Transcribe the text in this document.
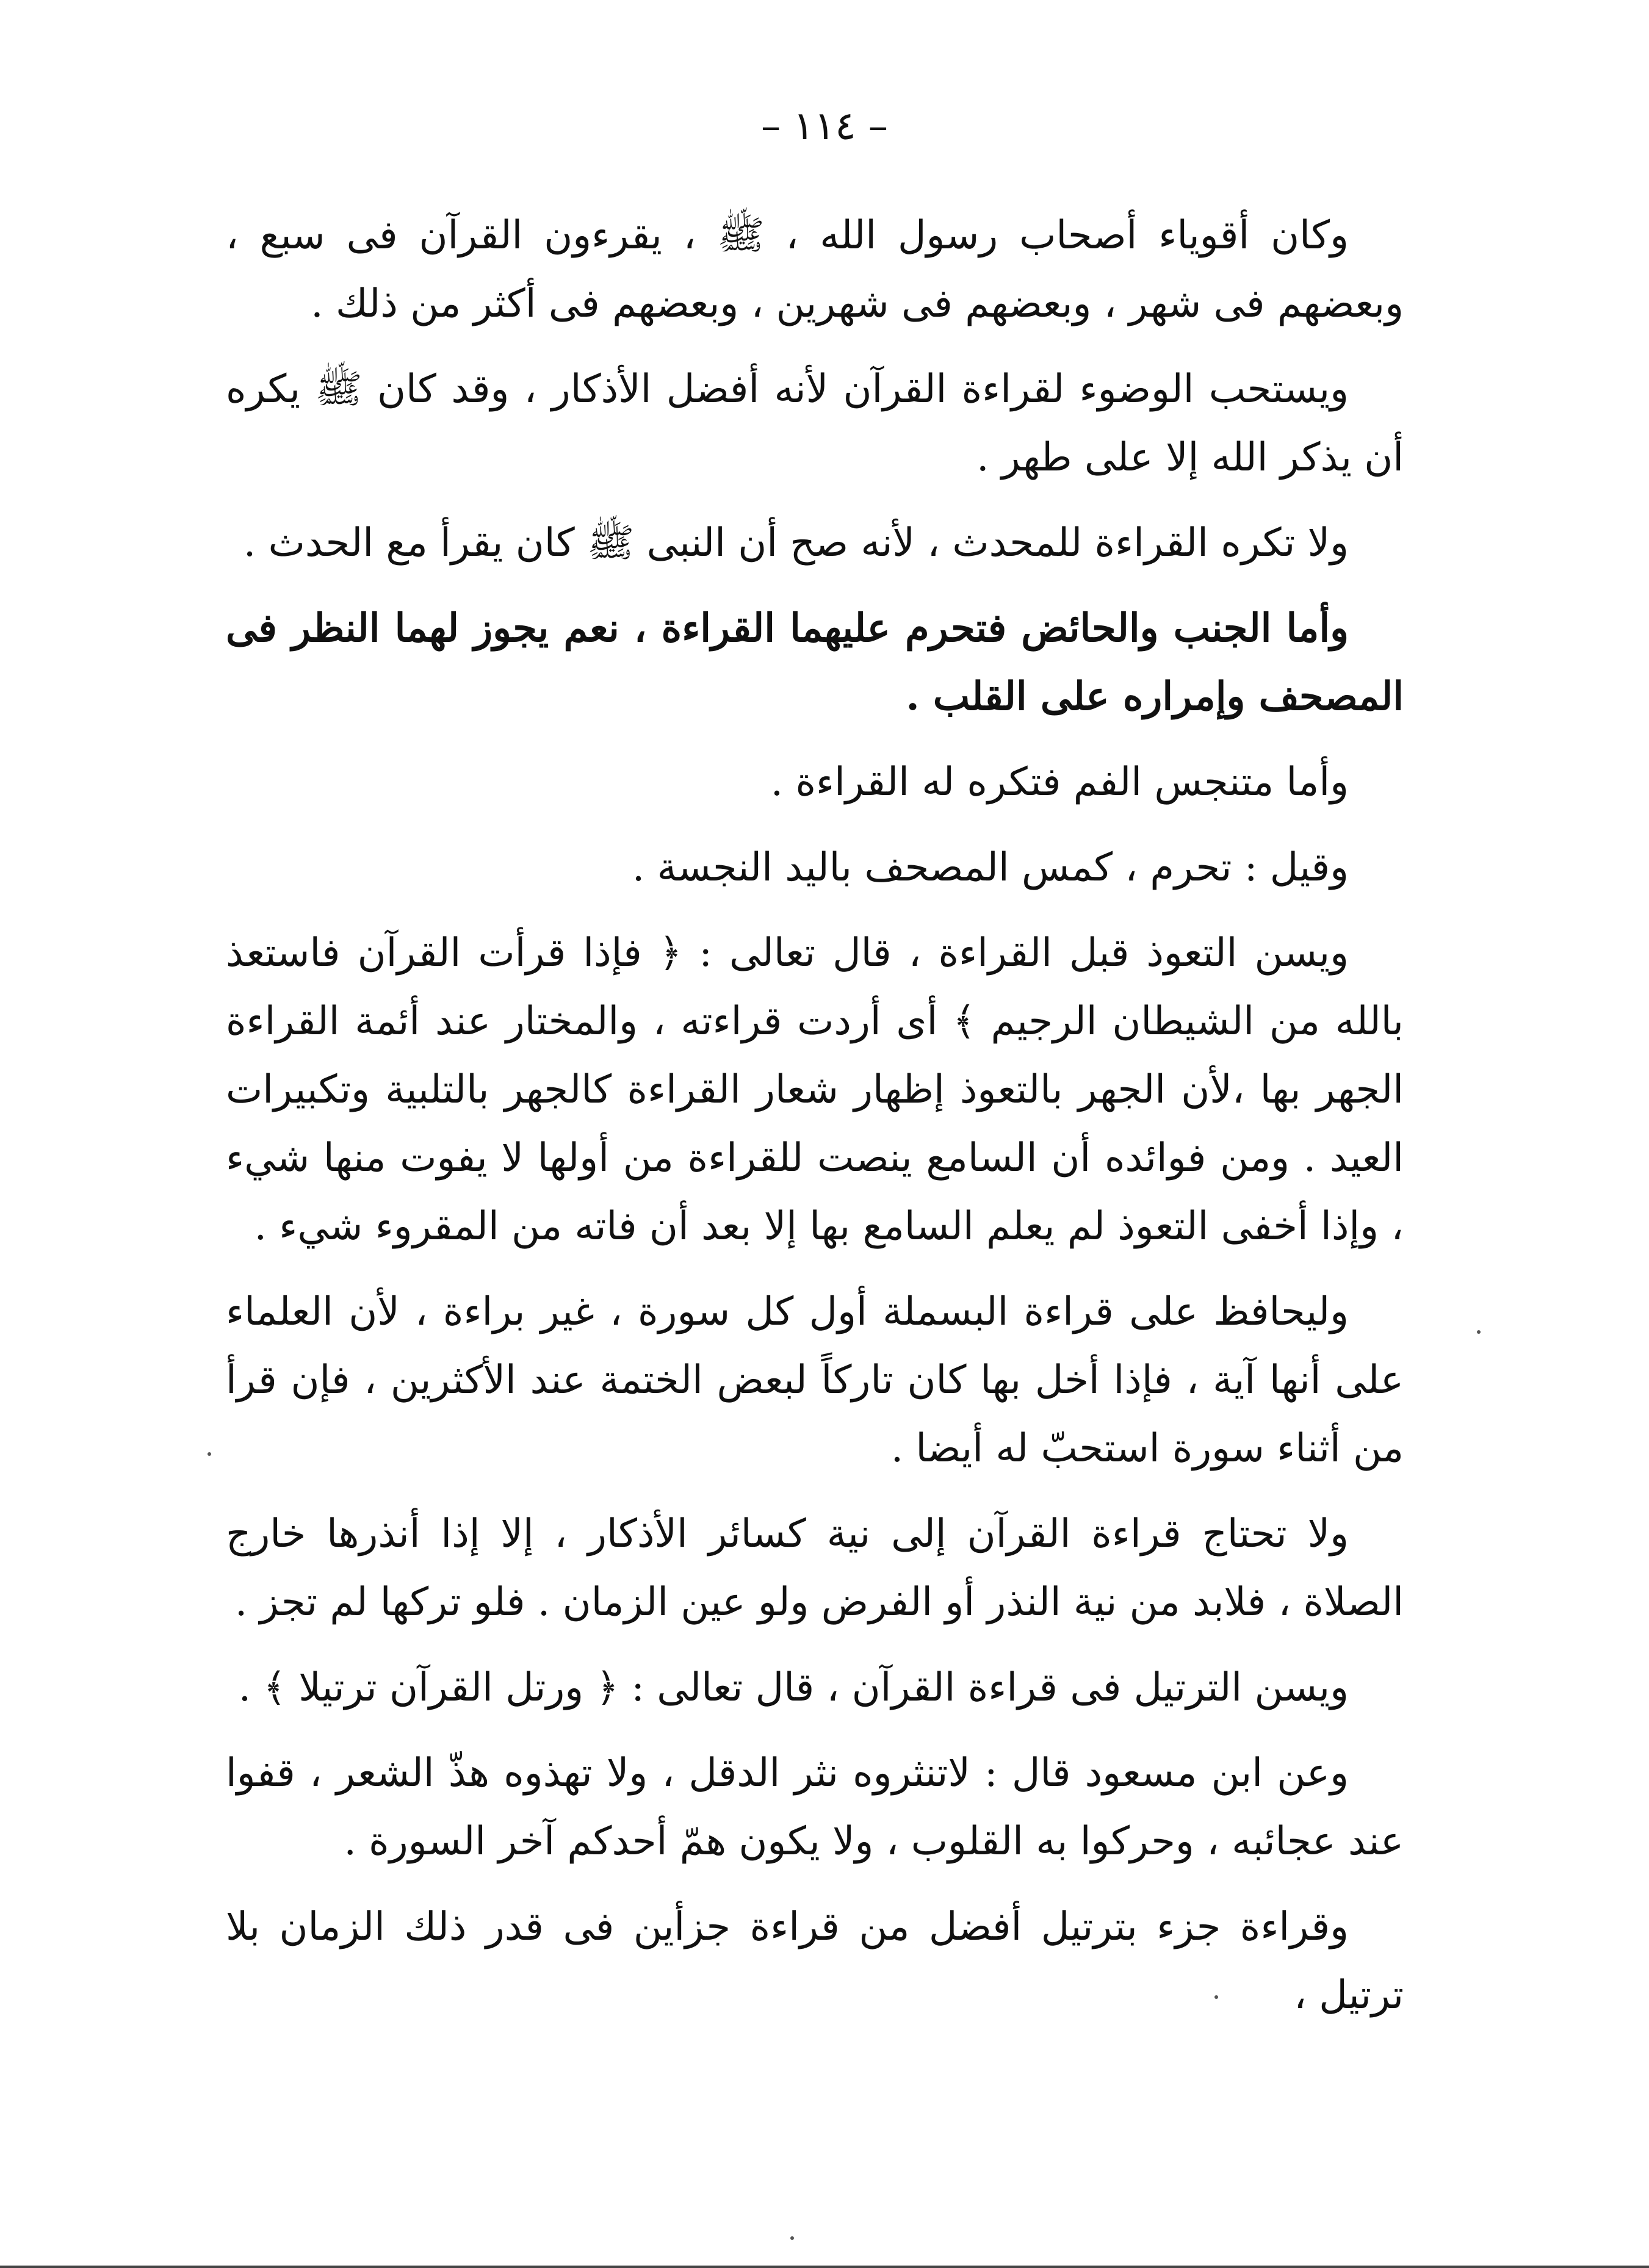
– ١١٤ –

وكان أقوياء أصحاب رسول الله ، ﷺ ، يقرءون القرآن فى سبع ، وبعضهم فى شهر ، وبعضهم فى شهرين ، وبعضهم فى أكثر من ذلك .

ويستحب الوضوء لقراءة القرآن لأنه أفضل الأذكار ، وقد كان ﷺ يكره أن يذكر الله إلا على طهر .

ولا تكره القراءة للمحدث ، لأنه صح أن النبى ﷺ كان يقرأ مع الحدث .

وأما الجنب والحائض فتحرم عليهما القراءة ، نعم يجوز لهما النظر فى المصحف وإمراره على القلب .

وأما متنجس الفم فتكره له القراءة .

وقيل : تحرم ، كمس المصحف باليد النجسة .

ويسن التعوذ قبل القراءة ، قال تعالى : ﴿ فإذا قرأت القرآن فاستعذ بالله من الشيطان الرجيم ﴾ أى أردت قراءته ، والمختار عند أئمة القراءة الجهر بها ،لأن الجهر بالتعوذ إظهار شعار القراءة كالجهر بالتلبية وتكبيرات العيد . ومن فوائده أن السامع ينصت للقراءة من أولها لا يفوت منها شيء ، وإذا أخفى التعوذ لم يعلم السامع بها إلا بعد أن فاته من المقروء شيء .

وليحافظ على قراءة البسملة أول كل سورة ، غير براءة ، لأن العلماء على أنها آية ، فإذا أخل بها كان تاركاً لبعض الختمة عند الأكثرين ، فإن قرأ من أثناء سورة استحبّ له أيضا .

ولا تحتاج قراءة القرآن إلى نية كسائر الأذكار ، إلا إذا أنذرها خارج الصلاة ، فلابد من نية النذر أو الفرض ولو عين الزمان . فلو تركها لم تجز .

ويسن الترتيل فى قراءة القرآن ، قال تعالى : ﴿ ورتل القرآن ترتيلا ﴾ .

وعن ابن مسعود قال : لاتنثروه نثر الدقل ، ولا تهذوه هذّ الشعر ، قفوا عند عجائبه ، وحركوا به القلوب ، ولا يكون همّ أحدكم آخر السورة .

وقراءة جزء بترتيل أفضل من قراءة جزأين فى قدر ذلك الزمان بلا ترتيل ،
